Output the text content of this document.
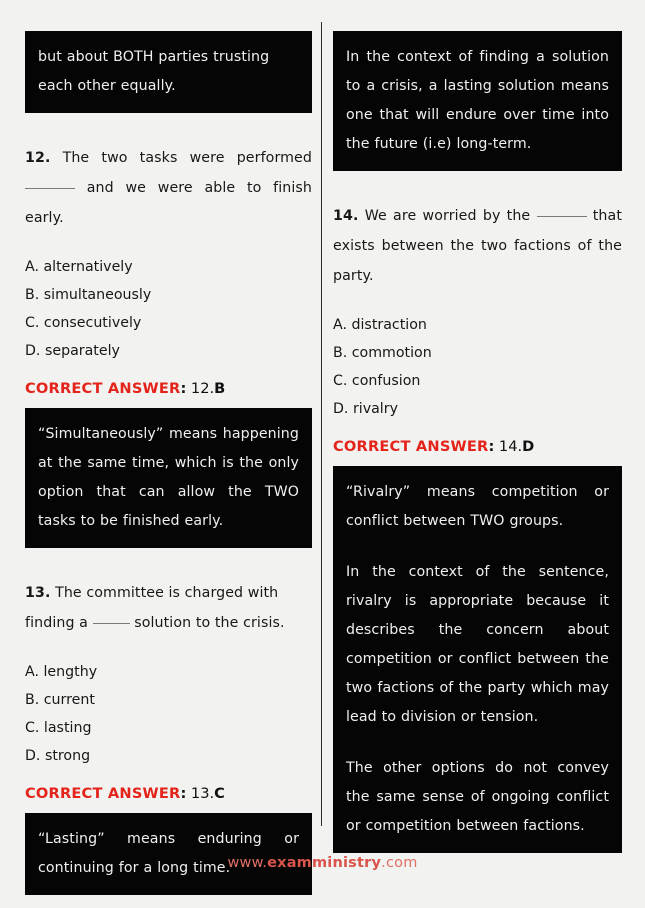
but about BOTH parties trusting each other equally.

12. The two tasks were performed  and we were able to finish early.
A. alternatively
B. simultaneously
C. consecutively
D. separately
CORRECT ANSWER: 12.B

“Simultaneously” means happening at the same time, which is the only option that can allow the TWO tasks to be finished early.

13. The committee is charged with finding a	solution to the crisis.
A. lengthy
B. current
C. lasting
D. strong
CORRECT ANSWER: 13.C

“Lasting” means enduring or continuing for a long time.

In the context of finding a solution to a crisis, a lasting solution means one that will endure over time into the future (i.e) long-term.

14. We are worried by the	that exists between the two factions of the party.
A. distraction
B. commotion
C. confusion
D. rivalry
CORRECT ANSWER: 14.D

“Rivalry” means competition or conflict between TWO groups.

In the context of the sentence, rivalry is appropriate because it describes the concern about competition or conflict between the two factions of the party which may lead to division or tension.

The other options do not convey the same sense of ongoing conflict or competition between factions.

www.examministry.com
